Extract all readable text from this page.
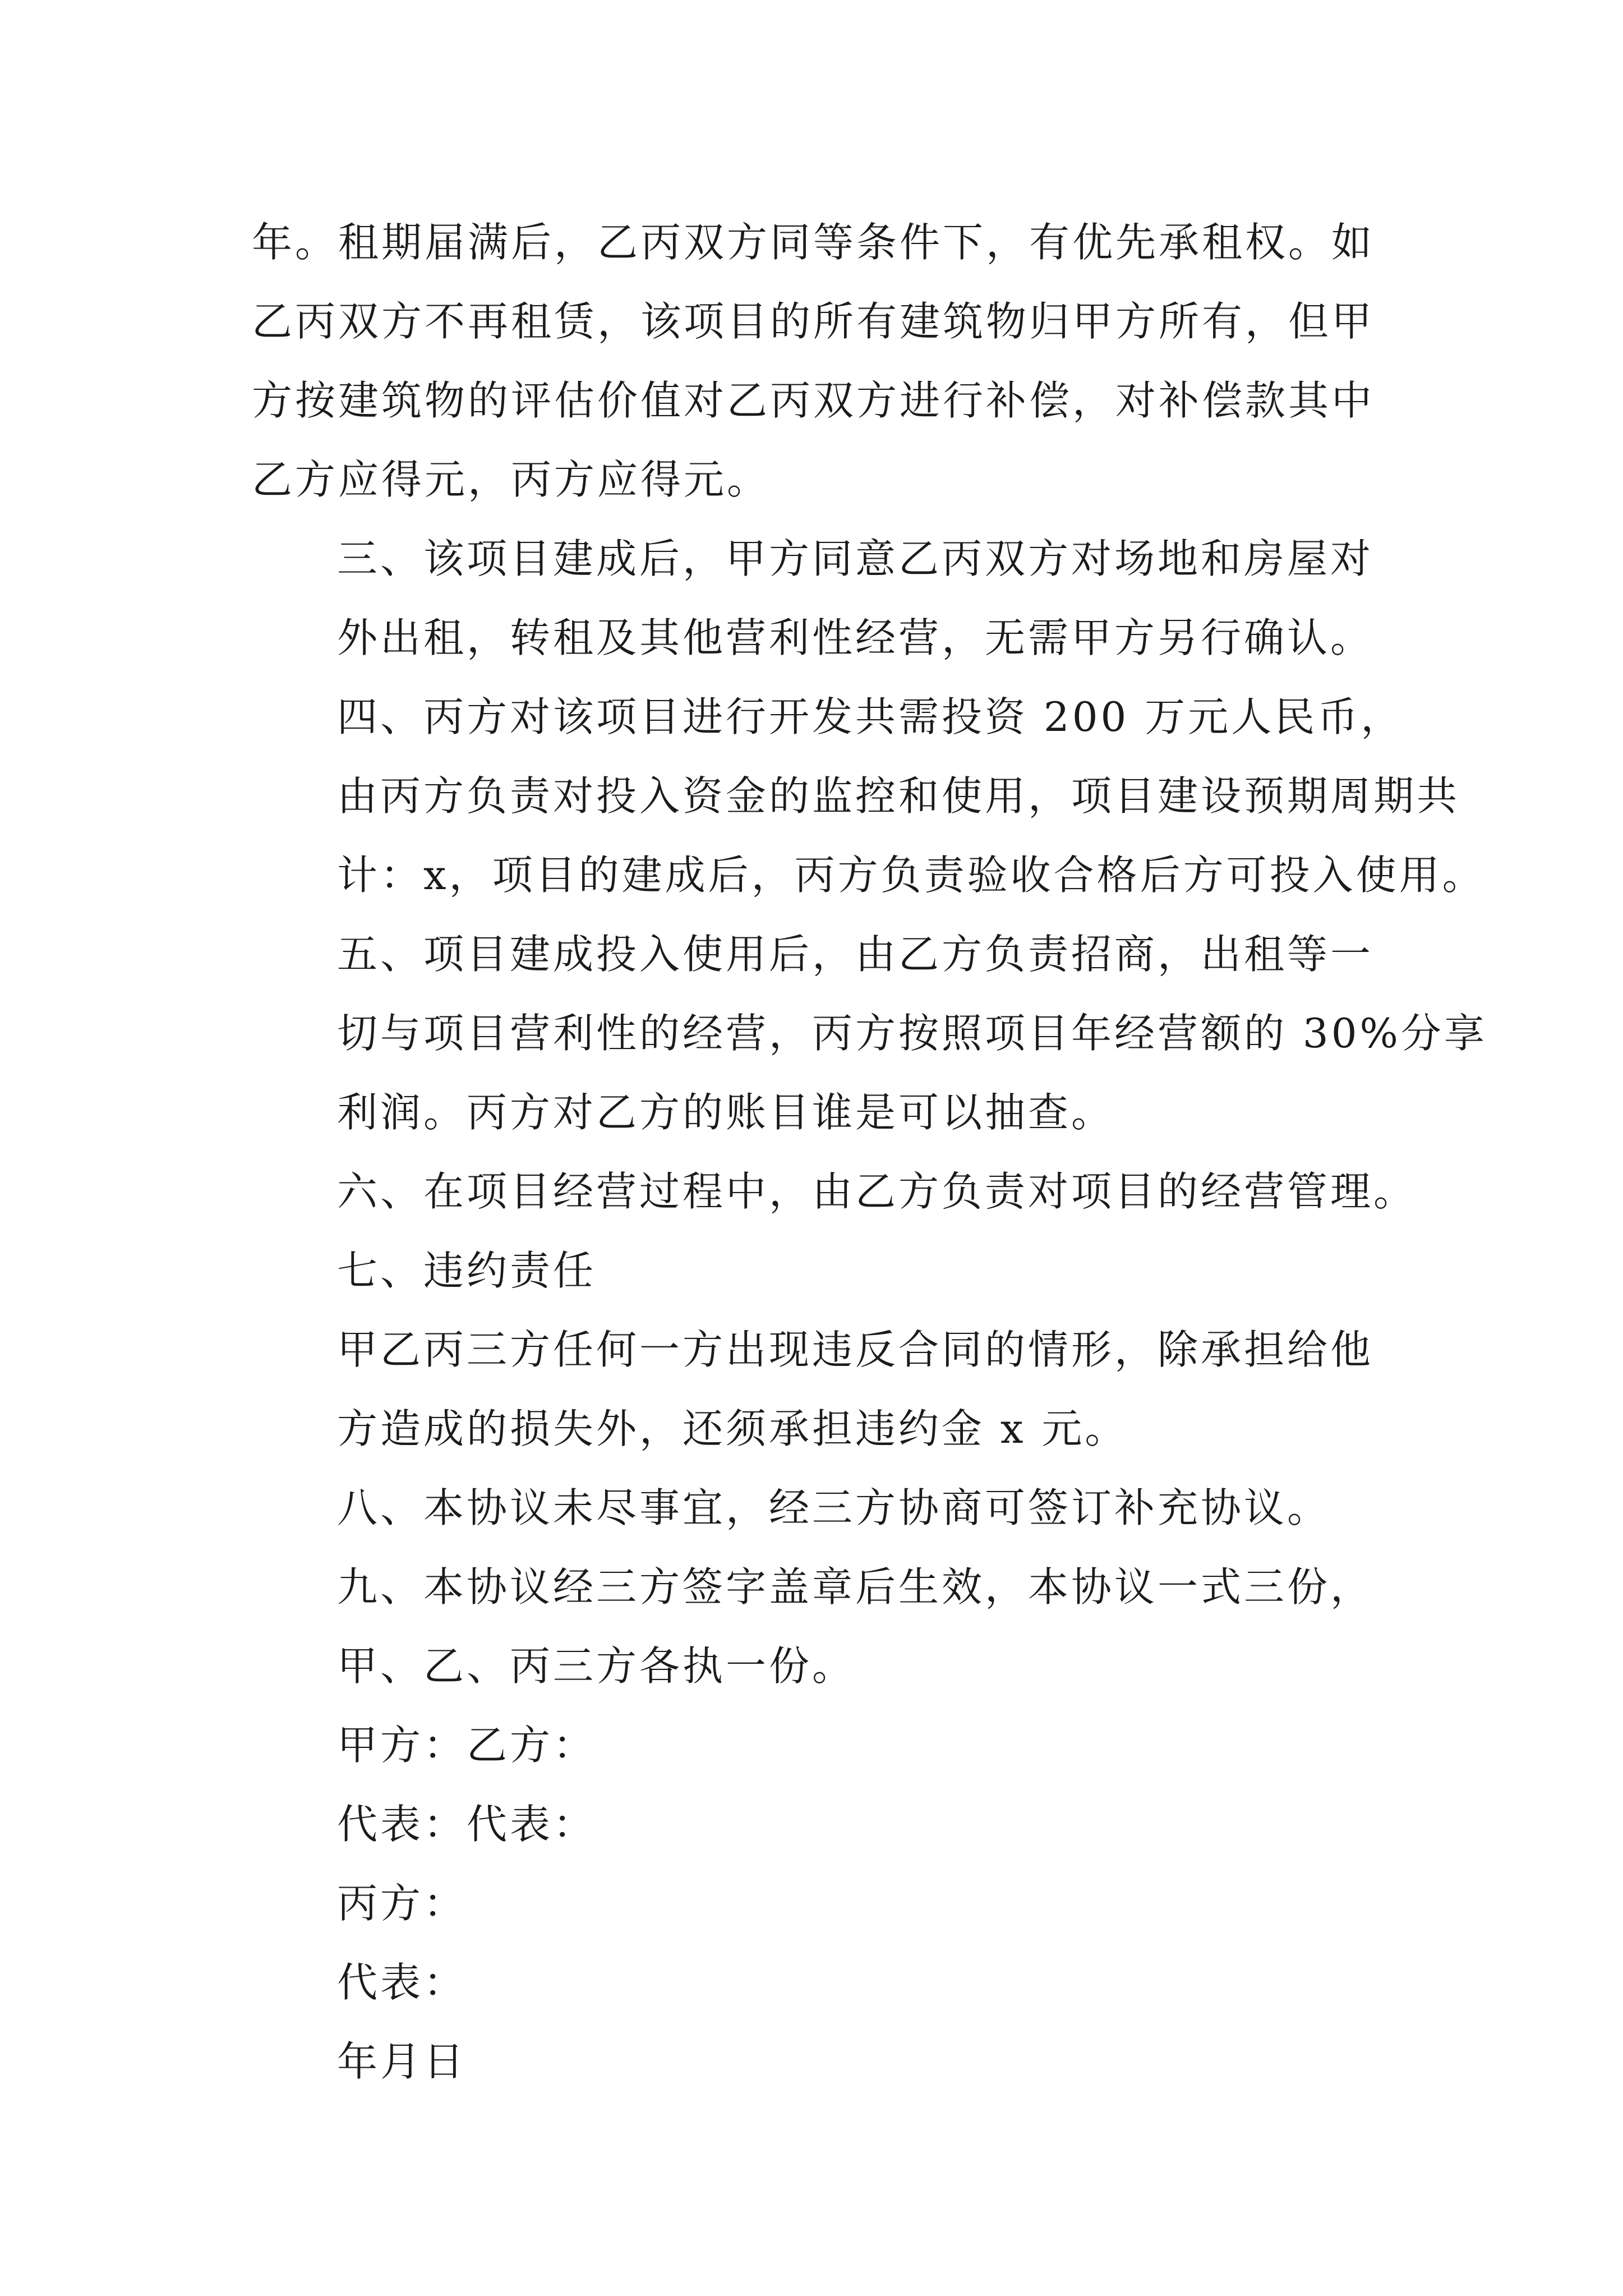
年。租期届满后，乙丙双方同等条件下，有优先承租权。如
乙丙双方不再租赁，该项目的所有建筑物归甲方所有，但甲
方按建筑物的评估价值对乙丙双方进行补偿，对补偿款其中
乙方应得元，丙方应得元。

三、该项目建成后，甲方同意乙丙双方对场地和房屋对
外出租，转租及其他营利性经营，无需甲方另行确认。

四、丙方对该项目进行开发共需投资 200 万元人民币，
由丙方负责对投入资金的监控和使用，项目建设预期周期共
计：x，项目的建成后，丙方负责验收合格后方可投入使用。

五、项目建成投入使用后，由乙方负责招商，出租等一
切与项目营利性的经营，丙方按照项目年经营额的 30%分享
利润。丙方对乙方的账目谁是可以抽查。

六、在项目经营过程中，由乙方负责对项目的经营管理。

七、违约责任

甲乙丙三方任何一方出现违反合同的情形，除承担给他
方造成的损失外，还须承担违约金 x 元。

八、本协议未尽事宜，经三方协商可签订补充协议。

九、本协议经三方签字盖章后生效，本协议一式三份，
甲、乙、丙三方各执一份。

甲方：乙方：

代表：代表：

丙方：

代表：

年月日
